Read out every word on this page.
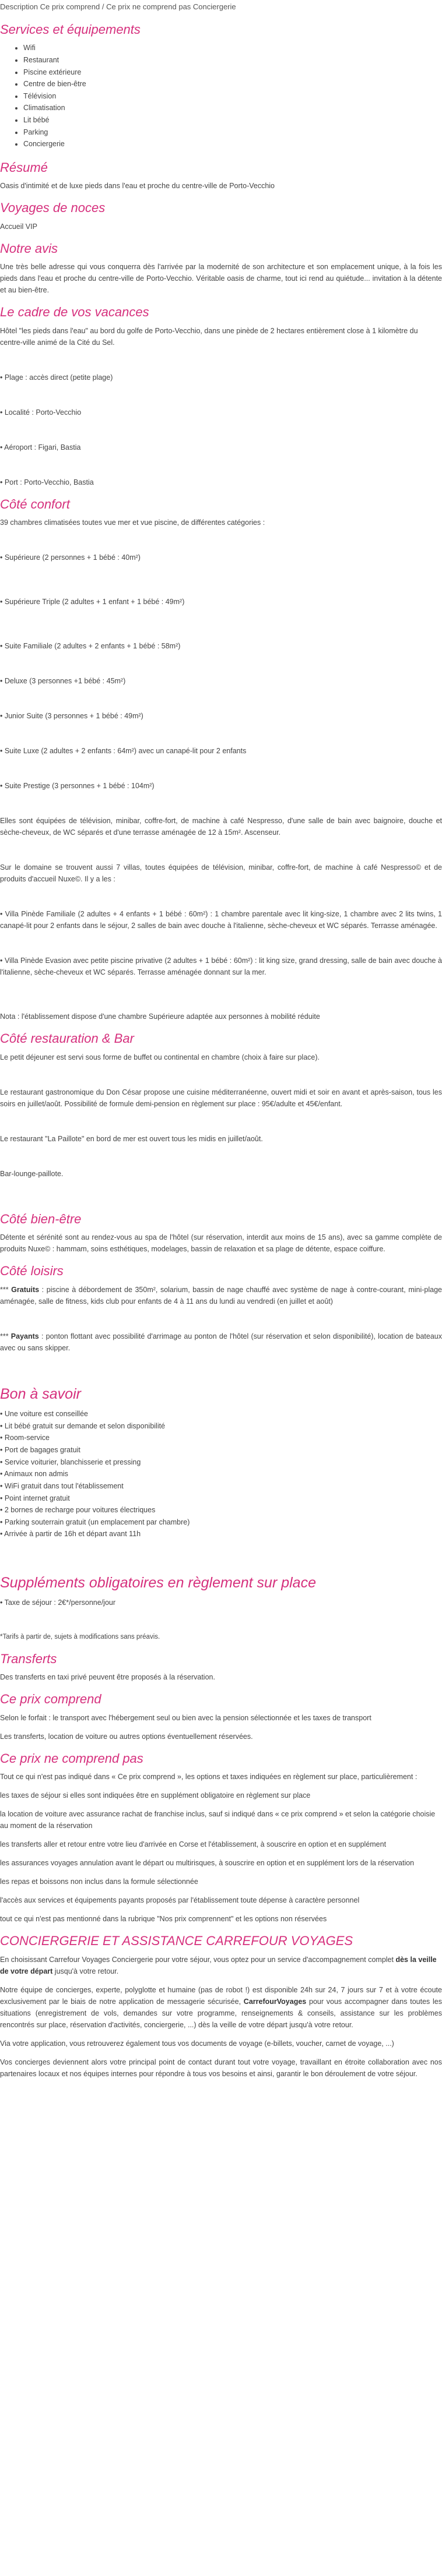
Description Ce prix comprend / Ce prix ne comprend pas Conciergerie

Services et équipements
• Wifi
• Restaurant
• Piscine extérieure
• Centre de bien-être
• Télévision
• Climatisation
• Lit bébé
• Parking
• Conciergerie
Résumé

Oasis d'intimité et de luxe pieds dans l'eau et proche du centre-ville de Porto-Vecchio

Voyages de noces

Accueil VIP

Notre avis

Une très belle adresse qui vous conquerra dès l'arrivée par la modernité de son architecture et son emplacement unique, à la fois les pieds dans l'eau et proche du centre-ville de Porto-Vecchio. Véritable oasis de charme, tout ici rend au quiétude... invitation à la détente et au bien-être.

Le cadre de vos vacances

Hôtel "les pieds dans l'eau" au bord du golfe de Porto-Vecchio, dans une pinède de 2 hectares entièrement close à 1 kilomètre du centre-ville animé de la Cité du Sel.

• Plage : accès direct (petite plage)

• Localité : Porto-Vecchio

• Aéroport : Figari, Bastia

• Port : Porto-Vecchio, Bastia

Côté confort

39 chambres climatisées toutes vue mer et vue piscine, de différentes catégories :

• Supérieure (2 personnes + 1 bébé : 40m²)

• Supérieure Triple (2 adultes + 1 enfant + 1 bébé : 49m²)

• Suite Familiale (2 adultes + 2 enfants + 1 bébé : 58m²)

• Deluxe (3 personnes +1 bébé : 45m²)

• Junior Suite (3 personnes + 1 bébé : 49m²)

• Suite Luxe (2 adultes + 2 enfants : 64m²) avec un canapé-lit pour 2 enfants

• Suite Prestige (3 personnes + 1 bébé : 104m²)

Elles sont équipées de télévision, minibar, coffre-fort, de machine à café Nespresso, d'une salle de bain avec baignoire, douche et sèche-cheveux, de WC séparés et d'une terrasse aménagée de 12 à 15m². Ascenseur.

Sur le domaine se trouvent aussi 7 villas, toutes équipées de télévision, minibar, coffre-fort, de machine à café Nespresso© et de produits d'accueil Nuxe©. Il y a les :

• Villa Pinède Familiale (2 adultes + 4 enfants + 1 bébé : 60m²) : 1 chambre parentale avec lit king-size, 1 chambre avec 2 lits twins, 1 canapé-lit pour 2 enfants dans le séjour, 2 salles de bain avec douche à l'italienne, sèche-cheveux et WC séparés. Terrasse aménagée.

• Villa Pinède Evasion avec petite piscine privative (2 adultes + 1 bébé : 60m²) : lit king size, grand dressing, salle de bain avec douche à l'italienne, sèche-cheveux et WC séparés. Terrasse aménagée donnant sur la mer.

Nota : l'établissement dispose d'une chambre Supérieure adaptée aux personnes à mobilité réduite

Côté restauration & Bar

Le petit déjeuner est servi sous forme de buffet ou continental en chambre (choix à faire sur place).

Le restaurant gastronomique du Don César propose une cuisine méditerranéenne, ouvert midi et soir en avant et après-saison, tous les soirs en juillet/août. Possibilité de formule demi-pension en règlement sur place : 95€/adulte et 45€/enfant.

Le restaurant "La Paillote" en bord de mer est ouvert tous les midis en juillet/août.

Bar-lounge-paillote.

Côté bien-être

Détente et sérénité sont au rendez-vous au spa de l'hôtel (sur réservation, interdit aux moins de 15 ans), avec sa gamme complète de produits Nuxe© : hammam, soins esthétiques, modelages, bassin de relaxation et sa plage de détente, espace coiffure.

Côté loisirs

*** Gratuits : piscine à débordement de 350m², solarium, bassin de nage chauffé avec système de nage à contre-courant, mini-plage aménagée, salle de fitness, kids club pour enfants de 4 à 11 ans du lundi au vendredi (en juillet et août)

*** Payants : ponton flottant avec possibilité d'arrimage au ponton de l'hôtel (sur réservation et selon disponibilité), location de bateaux avec ou sans skipper.

Bon à savoir

• Une voiture est conseillée

• Lit bébé gratuit sur demande et selon disponibilité

• Room-service

• Port de bagages gratuit

• Service voiturier, blanchisserie et pressing

• Animaux non admis

• WiFi gratuit dans tout l'établissement

• Point internet gratuit

• 2 bornes de recharge pour voitures électriques

• Parking souterrain gratuit (un emplacement par chambre)

• Arrivée à partir de 16h et départ avant 11h

Suppléments obligatoires en règlement sur place

• Taxe de séjour : 2€*/personne/jour

*Tarifs à partir de, sujets à modifications sans préavis.

Transferts

Des transferts en taxi privé peuvent être proposés à la réservation.

Ce prix comprend

Selon le forfait : le transport avec l'hébergement seul ou bien avec la pension sélectionnée et les taxes de transport

Les transferts, location de voiture ou autres options éventuellement réservées.

Ce prix ne comprend pas

Tout ce qui n'est pas indiqué dans « Ce prix comprend », les options et taxes indiquées en règlement sur place, particulièrement :

les taxes de séjour si elles sont indiquées être en supplément obligatoire en règlement sur place

la location de voiture avec assurance rachat de franchise inclus, sauf si indiqué dans « ce prix comprend » et selon la catégorie choisie au moment de la réservation

les transferts aller et retour entre votre lieu d'arrivée en Corse et l'établissement, à souscrire en option et en supplément

les assurances voyages annulation avant le départ ou multirisques, à souscrire en option et en supplément lors de la réservation

les repas et boissons non inclus dans la formule sélectionnée

l'accès aux services et équipements payants proposés par l'établissement toute dépense à caractère personnel

tout ce qui n'est pas mentionné dans la rubrique "Nos prix comprennent" et les options non réservées

CONCIERGERIE ET ASSISTANCE CARREFOUR VOYAGES

En choisissant Carrefour Voyages Conciergerie pour votre séjour, vous optez pour un service d'accompagnement complet dès la veille de votre départ jusqu'à votre retour.

Notre équipe de concierges, experte, polyglotte et humaine (pas de robot !) est disponible 24h sur 24, 7 jours sur 7 et à votre écoute exclusivement par le biais de notre application de messagerie sécurisée, CarrefourVoyages pour vous accompagner dans toutes les situations (enregistrement de vols, demandes sur votre programme, renseignements & conseils, assistance sur les problèmes rencontrés sur place, réservation d'activités, conciergerie, ...) dès la veille de votre départ jusqu'à votre retour.

Via votre application, vous retrouverez également tous vos documents de voyage (e-billets, voucher, carnet de voyage, ...)

Vos concierges deviennent alors votre principal point de contact durant tout votre voyage, travaillant en étroite collaboration avec nos partenaires locaux et nos équipes internes pour répondre à tous vos besoins et ainsi, garantir le bon déroulement de votre séjour.
